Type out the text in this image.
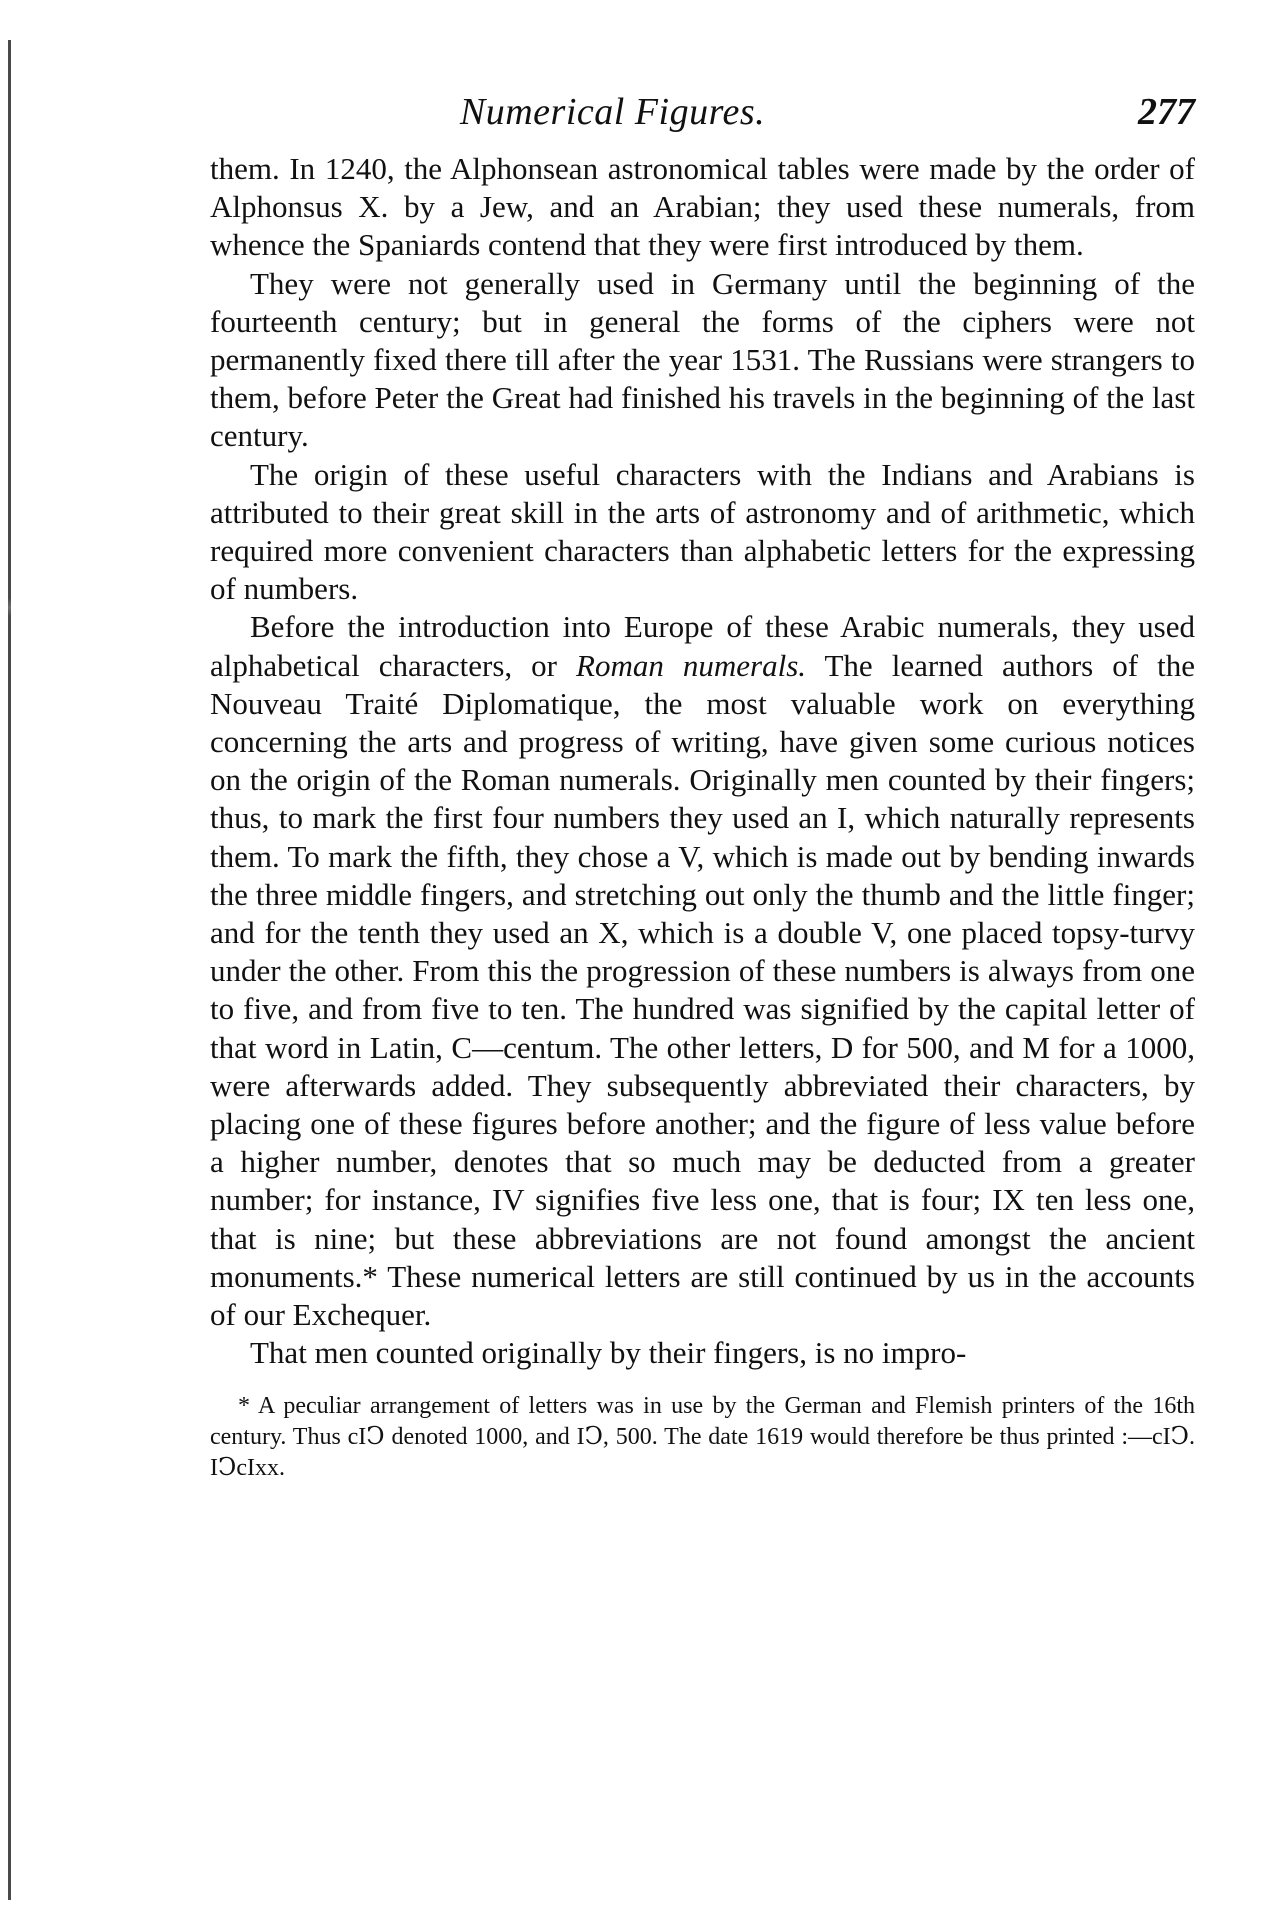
Numerical Figures.	277

them. In 1240, the Alphonsean astronomical tables were made by the order of Alphonsus X. by a Jew, and an Arabian; they used these numerals, from whence the Spaniards contend that they were first introduced by them.

They were not generally used in Germany until the beginning of the fourteenth century; but in general the forms of the ciphers were not permanently fixed there till after the year 1531. The Russians were strangers to them, before Peter the Great had finished his travels in the beginning of the last century.

The origin of these useful characters with the Indians and Arabians is attributed to their great skill in the arts of astronomy and of arithmetic, which required more convenient characters than alphabetic letters for the expressing of numbers.

Before the introduction into Europe of these Arabic numerals, they used alphabetical characters, or Roman numerals. The learned authors of the Nouveau Traité Diplomatique, the most valuable work on everything concerning the arts and progress of writing, have given some curious notices on the origin of the Roman numerals. Originally men counted by their fingers; thus, to mark the first four numbers they used an I, which naturally represents them. To mark the fifth, they chose a V, which is made out by bending inwards the three middle fingers, and stretching out only the thumb and the little finger; and for the tenth they used an X, which is a double V, one placed topsy-turvy under the other. From this the progression of these numbers is always from one to five, and from five to ten. The hundred was signified by the capital letter of that word in Latin, C—centum. The other letters, D for 500, and M for a 1000, were afterwards added. They subsequently abbreviated their characters, by placing one of these figures before another; and the figure of less value before a higher number, denotes that so much may be deducted from a greater number; for instance, IV signifies five less one, that is four; IX ten less one, that is nine; but these abbreviations are not found amongst the ancient monuments.* These numerical letters are still continued by us in the accounts of our Exchequer.

That men counted originally by their fingers, is no impro-

* A peculiar arrangement of letters was in use by the German and Flemish printers of the 16th century. Thus cIↃ denoted 1000, and IↃ, 500. The date 1619 would therefore be thus printed :—cIↃ. IↃcIxx.
